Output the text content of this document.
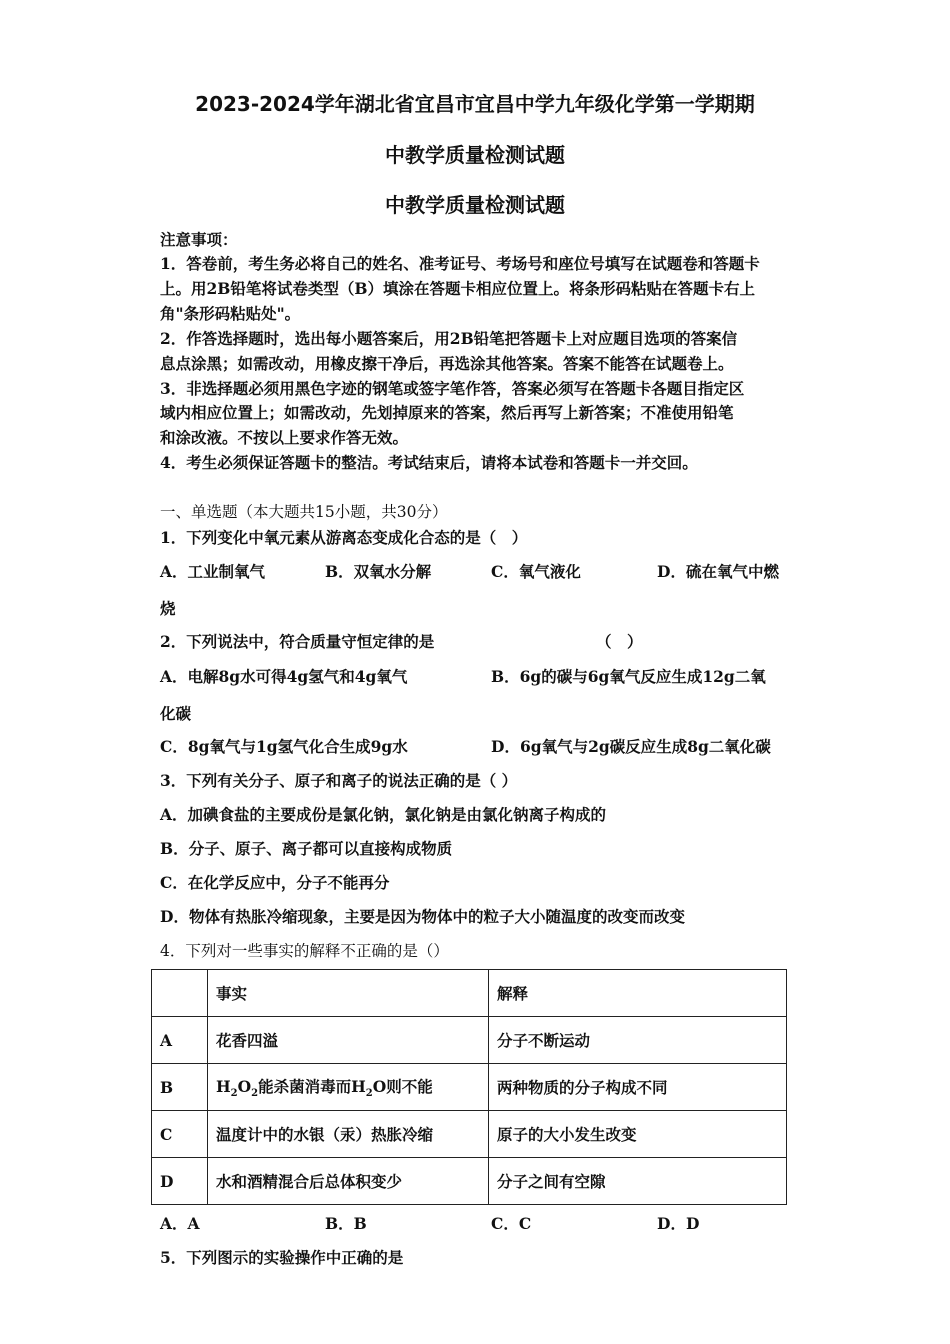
2023-2024学年湖北省宜昌市宜昌中学九年级化学第一学期期
中教学质量检测试题
中教学质量检测试题
注意事项：
1．答卷前，考生务必将自己的姓名、准考证号、考场号和座位号填写在试题卷和答题卡
上。用2B铅笔将试卷类型（B）填涂在答题卡相应位置上。将条形码粘贴在答题卡右上
角"条形码粘贴处"。
2．作答选择题时，选出每小题答案后，用2B铅笔把答题卡上对应题目选项的答案信
息点涂黑；如需改动，用橡皮擦干净后，再选涂其他答案。答案不能答在试题卷上。
3．非选择题必须用黑色字迹的钢笔或签字笔作答，答案必须写在答题卡各题目指定区
域内相应位置上；如需改动，先划掉原来的答案，然后再写上新答案；不准使用铅笔
和涂改液。不按以上要求作答无效。
4．考生必须保证答题卡的整洁。考试结束后，请将本试卷和答题卡一并交回。
一、单选题（本大题共15小题，共30分）
1．下列变化中氧元素从游离态变成化合态的是（　）
A．工业制氧气	B．双氧水分解	C．氧气液化	D．硫在氧气中燃
烧
2．下列说法中，符合质量守恒定律的是	（　）
A．电解8g水可得4g氢气和4g氧气	B．6g的碳与6g氧气反应生成12g二氧
化碳
C．8g氧气与1g氢气化合生成9g水	D．6g氧气与2g碳反应生成8g二氧化碳
3．下列有关分子、原子和离子的说法正确的是（ ）
A．加碘食盐的主要成份是氯化钠，氯化钠是由氯化钠离子构成的
B．分子、原子、离子都可以直接构成物质
C．在化学反应中，分子不能再分
D．物体有热胀冷缩现象，主要是因为物体中的粒子大小随温度的改变而改变
4．下列对一些事实的解释不正确的是（）
	事实	解释
A	花香四溢	分子不断运动
B	$H_2O_2$能杀菌消毒而$H_2O$则不能	两种物质的分子构成不同
C	温度计中的水银（汞）热胀冷缩	原子的大小发生改变
D	水和酒精混合后总体积变少	分子之间有空隙
A．A	B．B	C．C	D．D
5．下列图示的实验操作中正确的是
